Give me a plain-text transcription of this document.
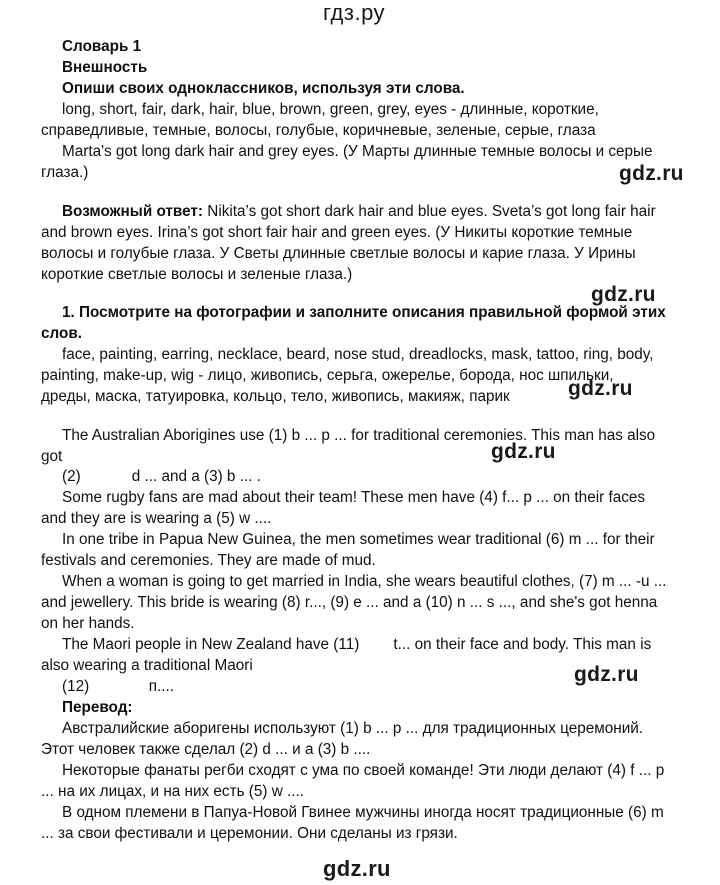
гдз.ру
Словарь 1
Внешность
Опиши своих одноклассников, используя эти слова.
long, short, fair, dark, hair, blue, brown, green, grey, eyes - длинные, короткие,
справедливые, темные, волосы, голубые, коричневые, зеленые, серые, глаза
Marta's got long dark hair and grey eyes. (У Марты длинные темные волосы и серые
глаза.)	gdz.ru
Возможный ответ: Nikita’s got short dark hair and blue eyes. Sveta’s got long fair hair
and brown eyes. Irina’s got short fair hair and green eyes. (У Никиты короткие темные
волосы и голубые глаза. У Светы длинные светлые волосы и карие глаза. У Ирины
короткие светлые волосы и зеленые глаза.)
gdz.ru
1. Посмотрите на фотографии и заполните описания правильной формой этих
слов.
face, painting, earring, necklace, beard, nose stud, dreadlocks, mask, tattoo, ring, body,
painting, make-up, wig - лицо, живопись, серьга, ожерелье, борода, нос шпильки,
дреды, маска, татуировка, кольцо, тело, живопись, макияж, парик	gdz.ru
The Australian Aborigines use (1) b ... p ... for traditional ceremonies. This man has also
got	gdz.ru
(2)            d ... and a (3) b ... .
Some rugby fans are mad about their team! These men have (4) f... p ... on their faces
and they are is wearing a (5) w ....
In one tribe in Papua New Guinea, the men sometimes wear traditional (6) m ... for their
festivals and ceremonies. They are made of mud.
When a woman is going to get married in India, she wears beautiful clothes, (7) m ... -u ...
and jewellery. This bride is wearing (8) r..., (9) e ... and a (10) n ... s ..., and she's got henna
on her hands.
The Maori people in New Zealand have (11)        t... on their face and body. This man is
also wearing a traditional Maori	gdz.ru
(12)              п....
Перевод:
Австралийские аборигены используют (1) b ... p ... для традиционных церемоний.
Этот человек также сделал (2) d ... и a (3) b ....
Некоторые фанаты регби сходят с ума по своей команде! Эти люди делают (4) f ... p
... на их лицах, и на них есть (5) w ....
В одном племени в Папуа-Новой Гвинее мужчины иногда носят традиционные (6) m
... за свои фестивали и церемонии. Они сделаны из грязи.
gdz.ru
